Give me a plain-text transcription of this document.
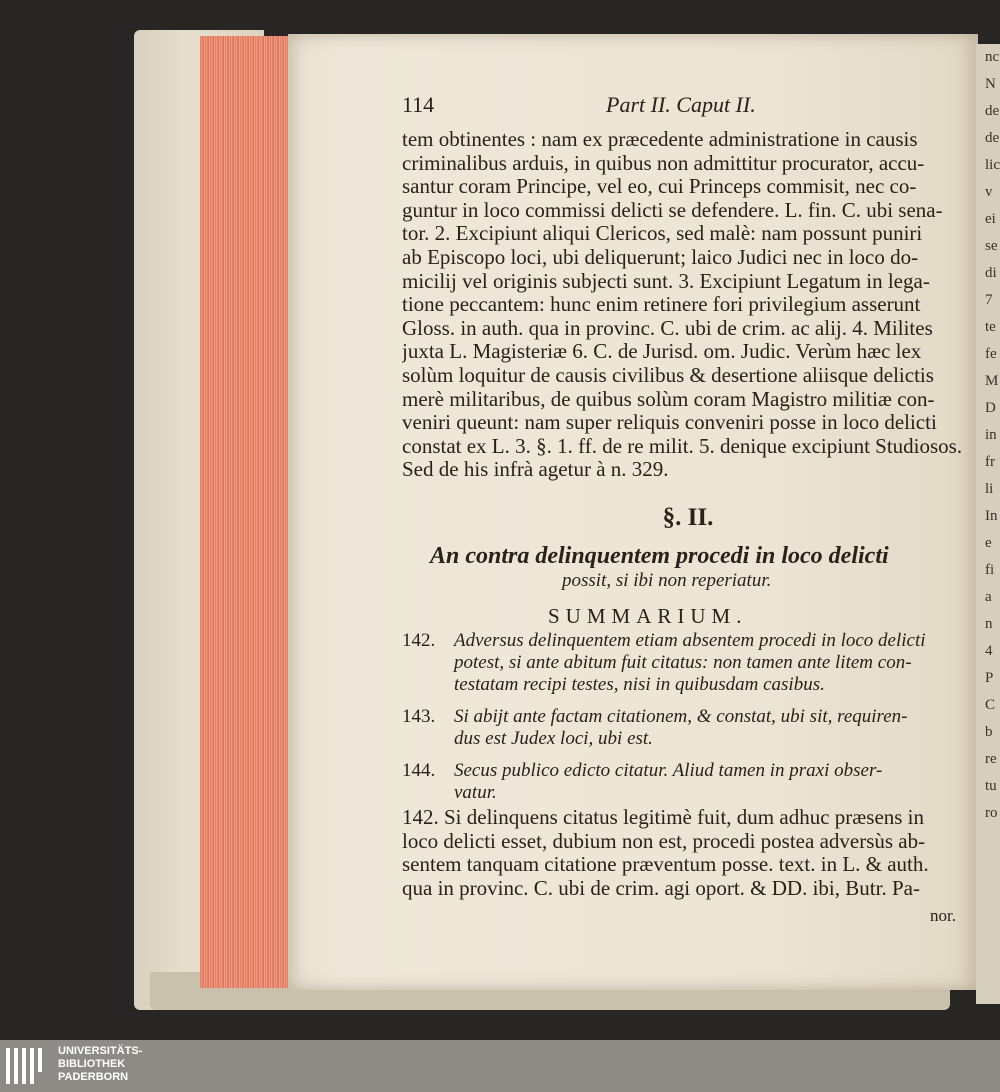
nc
N
de
de
lic
v
ei
se
di
7
te
fe
M
D
in
fr
li
In
e
fi
a
n
4
P
C
b
re
tu
ro
114	Part II. Caput II.
tem obtinentes : nam ex præcedente administratione in causis
criminalibus arduis, in quibus non admittitur procurator, accu-
santur coram Principe, vel eo, cui Princeps commisit, nec co-
guntur in loco commissi delicti se defendere. L. fin. C. ubi sena-
tor. 2. Excipiunt aliqui Clericos, sed malè: nam possunt puniri
ab Episcopo loci, ubi deliquerunt; laico Judici nec in loco do-
micilij vel originis subjecti sunt. 3. Excipiunt Legatum in lega-
tione peccantem: hunc enim retinere fori privilegium asserunt
Gloss. in auth. qua in provinc. C. ubi de crim. ac alij. 4. Milites
juxta L. Magisteriæ 6. C. de Jurisd. om. Judic. Verùm hæc lex
solùm loquitur de causis civilibus & desertione aliisque delictis
merè militaribus, de quibus solùm coram Magistro militiæ con-
veniri queunt: nam super reliquis conveniri posse in loco delicti
constat ex L. 3. §. 1. ff. de re milit. 5. denique excipiunt Studiosos.
Sed de his infrà agetur à n. 329.
§. II.
An contra delinquentem procedi in loco delicti
possit, si ibi non reperiatur.
SUMMARIUM.
142. Adversus delinquentem etiam absentem procedi in loco delicti
potest, si ante abitum fuit citatus: non tamen ante litem con-
testatam recipi testes, nisi in quibusdam casibus.
143. Si abijt ante factam citationem, & constat, ubi sit, requiren-
dus est Judex loci, ubi est.
144. Secus publico edicto citatur. Aliud tamen in praxi obser-
vatur.
142. Si delinquens citatus legitimè fuit, dum adhuc præsens in
loco delicti esset, dubium non est, procedi postea adversùs ab-
sentem tanquam citatione præventum posse. text. in L. & auth.
qua in provinc. C. ubi de crim. agi oport. & DD. ibi, Butr. Pa-
nor.
UNIVERSITÄTS-
BIBLIOTHEK
PADERBORN
